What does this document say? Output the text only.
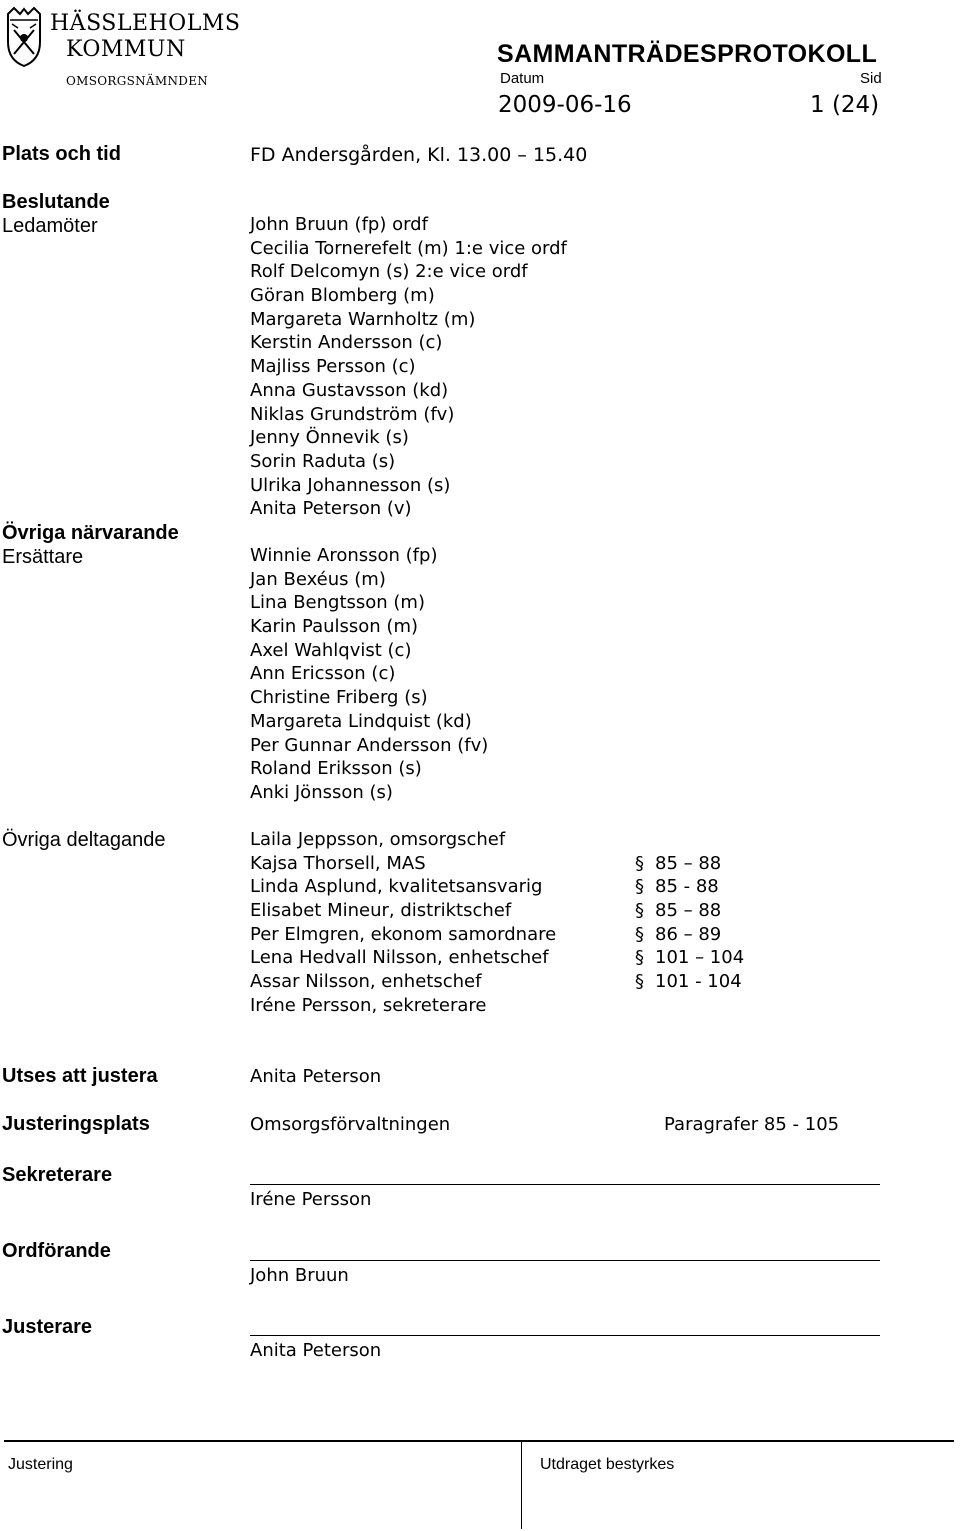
HÄSSLEHOLMS
KOMMUN
OMSORGSNÄMNDEN
SAMMANTRÄDESPROTOKOLL
Datum	Sid
2009-06-16	1 (24)
Plats och tid	FD Andersgården, Kl. 13.00 – 15.40
Beslutande
Ledamöter	John Bruun (fp) ordf
Cecilia Tornerefelt (m) 1:e vice ordf
Rolf Delcomyn (s) 2:e vice ordf
Göran Blomberg (m)
Margareta Warnholtz (m)
Kerstin Andersson (c)
Majliss Persson (c)
Anna Gustavsson (kd)
Niklas Grundström (fv)
Jenny Önnevik (s)
Sorin Raduta (s)
Ulrika Johannesson (s)
Anita Peterson (v)
Övriga närvarande
Ersättare	Winnie Aronsson (fp)
Jan Bexéus (m)
Lina Bengtsson (m)
Karin Paulsson (m)
Axel Wahlqvist (c)
Ann Ericsson (c)
Christine Friberg (s)
Margareta Lindquist (kd)
Per Gunnar Andersson (fv)
Roland Eriksson (s)
Anki Jönsson (s)
Övriga deltagande	Laila Jeppsson, omsorgschef
Kajsa Thorsell, MAS	§ 85 – 88
Linda Asplund, kvalitetsansvarig	§ 85 - 88
Elisabet Mineur, distriktschef	§ 85 – 88
Per Elmgren, ekonom samordnare	§ 86 – 89
Lena Hedvall Nilsson, enhetschef	§ 101 – 104
Assar Nilsson, enhetschef	§ 101 - 104
Iréne Persson, sekreterare
Utses att justera	Anita Peterson
Justeringsplats	Omsorgsförvaltningen	Paragrafer 85 - 105
Sekreterare
Iréne Persson
Ordförande
John Bruun
Justerare
Anita Peterson
Justering	Utdraget bestyrkes
